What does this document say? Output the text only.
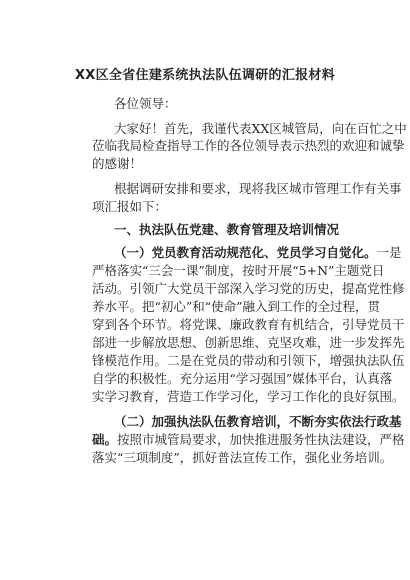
XX区全省住建系统执法队伍调研的汇报材料
各位领导：
大家好！首先，我谨代表XX区城管局，向在百忙之中
莅临我局检查指导工作的各位领导表示热烈的欢迎和诚挚
的感谢！
根据调研安排和要求，现将我区城市管理工作有关事
项汇报如下：
一、执法队伍党建、教育管理及培训情况
（一）党员教育活动规范化、党员学习自觉化。一是
严格落实“三会一课”制度，按时开展“5+N”主题党日
活动。引领广大党员干部深入学习党的历史，提高党性修
养水平。把“初心”和“使命”融入到工作的全过程，贯
穿到各个环节。将党课、廉政教育有机结合，引导党员干
部进一步解放思想、创新思维、克坚攻难，进一步发挥先
锋模范作用。二是在党员的带动和引领下，增强执法队伍
自学的积极性。充分运用“学习强国”媒体平台，认真落
实学习教育，营造工作学习化，学习工作化的良好氛围。
（二）加强执法队伍教育培训，不断夯实依法行政基
础。按照市城管局要求，加快推进服务性执法建设，严格
落实“三项制度”，抓好普法宣传工作，强化业务培训。
